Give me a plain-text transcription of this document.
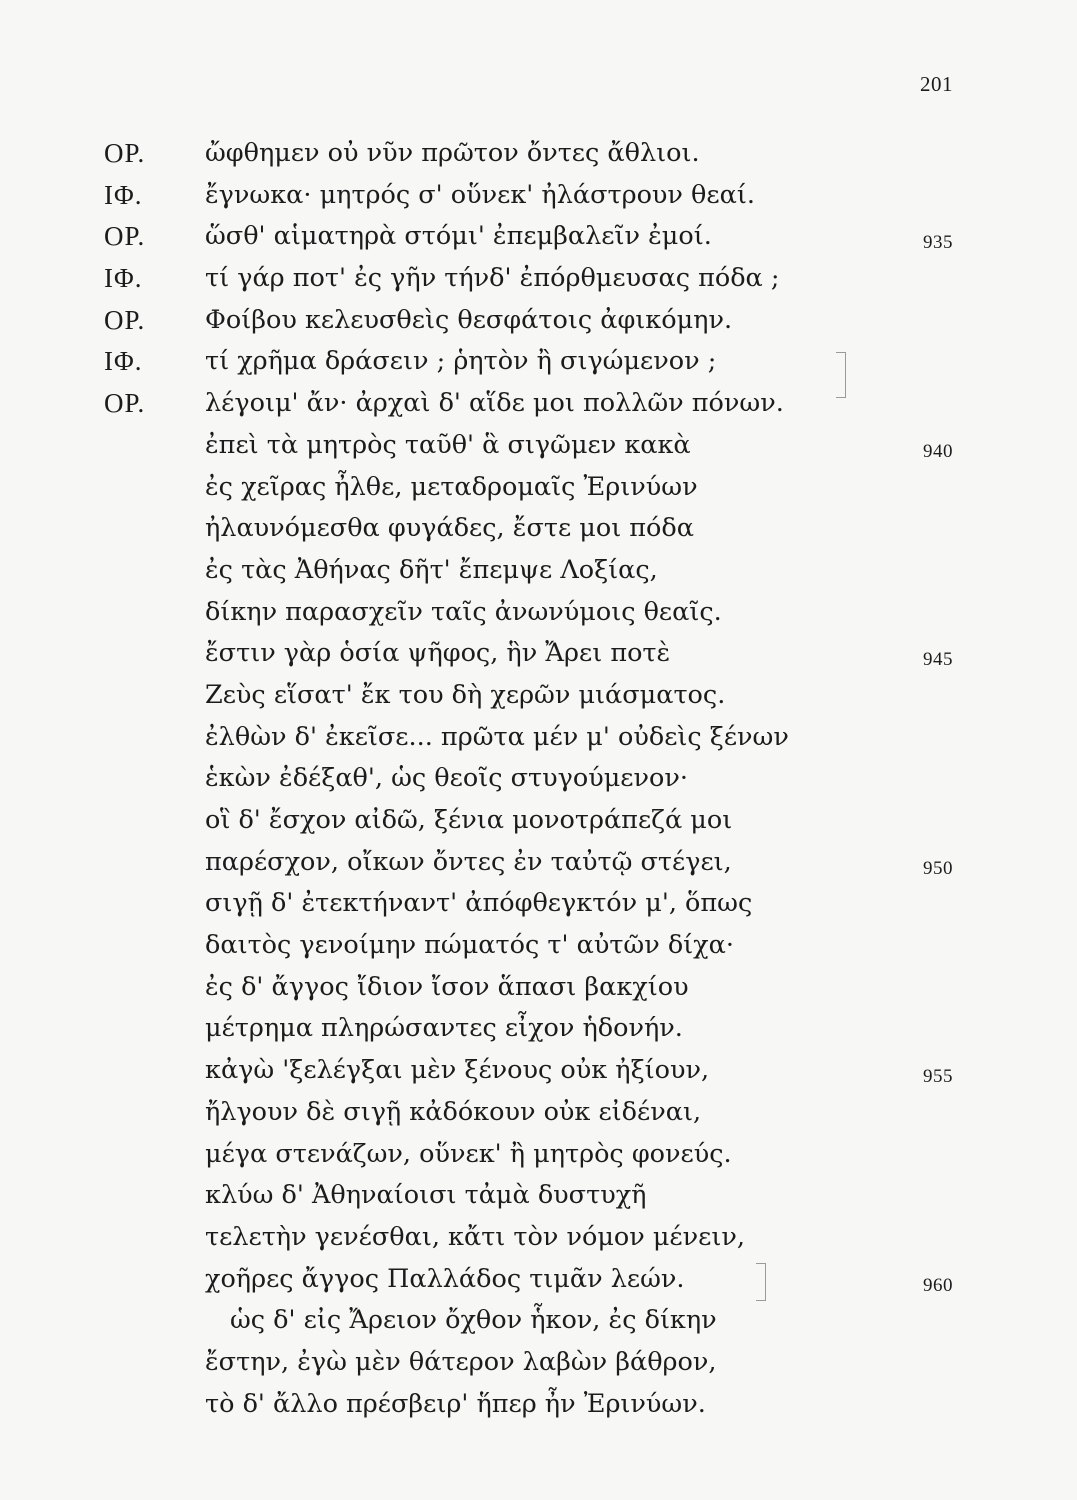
201
ΟΡ. ὤφθημεν οὐ νῦν πρῶτον ὄντες ἄθλιοι.
ΙΦ. ἔγνωκα· μητρός σ' οὕνεκ' ἠλάστρουν θεαί.
ΟΡ. ὥσθ' αἱματηρὰ στόμι' ἐπεμβαλεῖν ἐμοί.	935
ΙΦ. τί γάρ ποτ' ἐς γῆν τήνδ' ἐπόρθμευσας πόδα ;
ΟΡ. Φοίβου κελευσθεὶς θεσφάτοις ἀφικόμην.
ΙΦ. τί χρῆμα δράσειν ; ῥητὸν ἢ σιγώμενον ;
ΟΡ. λέγοιμ' ἄν· ἀρχαὶ δ' αἵδε μοι πολλῶν πόνων.
ἐπεὶ τὰ μητρὸς ταῦθ' ἃ σιγῶμεν κακὰ	940
ἐς χεῖρας ἦλθε, μεταδρομαῖς Ἐρινύων
ἠλαυνόμεσθα φυγάδες, ἔστε μοι πόδα
ἐς τὰς Ἀθήνας δῆτ' ἔπεμψε Λοξίας,
δίκην παρασχεῖν ταῖς ἀνωνύμοις θεαῖς.
ἔστιν γὰρ ὁσία ψῆφος, ἣν Ἄρει ποτὲ	945
Ζεὺς εἵσατ' ἔκ του δὴ χερῶν μιάσματος.
ἐλθὼν δ' ἐκεῖσε... πρῶτα μέν μ' οὐδεὶς ξένων
ἑκὼν ἐδέξαθ', ὡς θεοῖς στυγούμενον·
οἳ δ' ἔσχον αἰδῶ, ξένια μονοτράπεζά μοι
παρέσχον, οἴκων ὄντες ἐν ταὐτῷ στέγει,	950
σιγῇ δ' ἐτεκτήναντ' ἀπόφθεγκτόν μ', ὅπως
δαιτὸς γενοίμην πώματός τ' αὐτῶν δίχα·
ἐς δ' ἄγγος ἴδιον ἴσον ἅπασι βακχίου
μέτρημα πληρώσαντες εἶχον ἡδονήν.
κἀγὼ 'ξελέγξαι μὲν ξένους οὐκ ἠξίουν,	955
ἤλγουν δὲ σιγῇ κἀδόκουν οὐκ εἰδέναι,
μέγα στενάζων, οὕνεκ' ἢ μητρὸς φονεύς.
κλύω δ' Ἀθηναίοισι τἀμὰ δυστυχῆ
τελετὴν γενέσθαι, κἄτι τὸν νόμον μένειν,
χοῆρες ἄγγος Παλλάδος τιμᾶν λεών.	960
ὡς δ' εἰς Ἄρειον ὄχθον ἧκον, ἐς δίκην
ἔστην, ἐγὼ μὲν θάτερον λαβὼν βάθρον,
τὸ δ' ἄλλο πρέσβειρ' ἥπερ ἦν Ἐρινύων.
